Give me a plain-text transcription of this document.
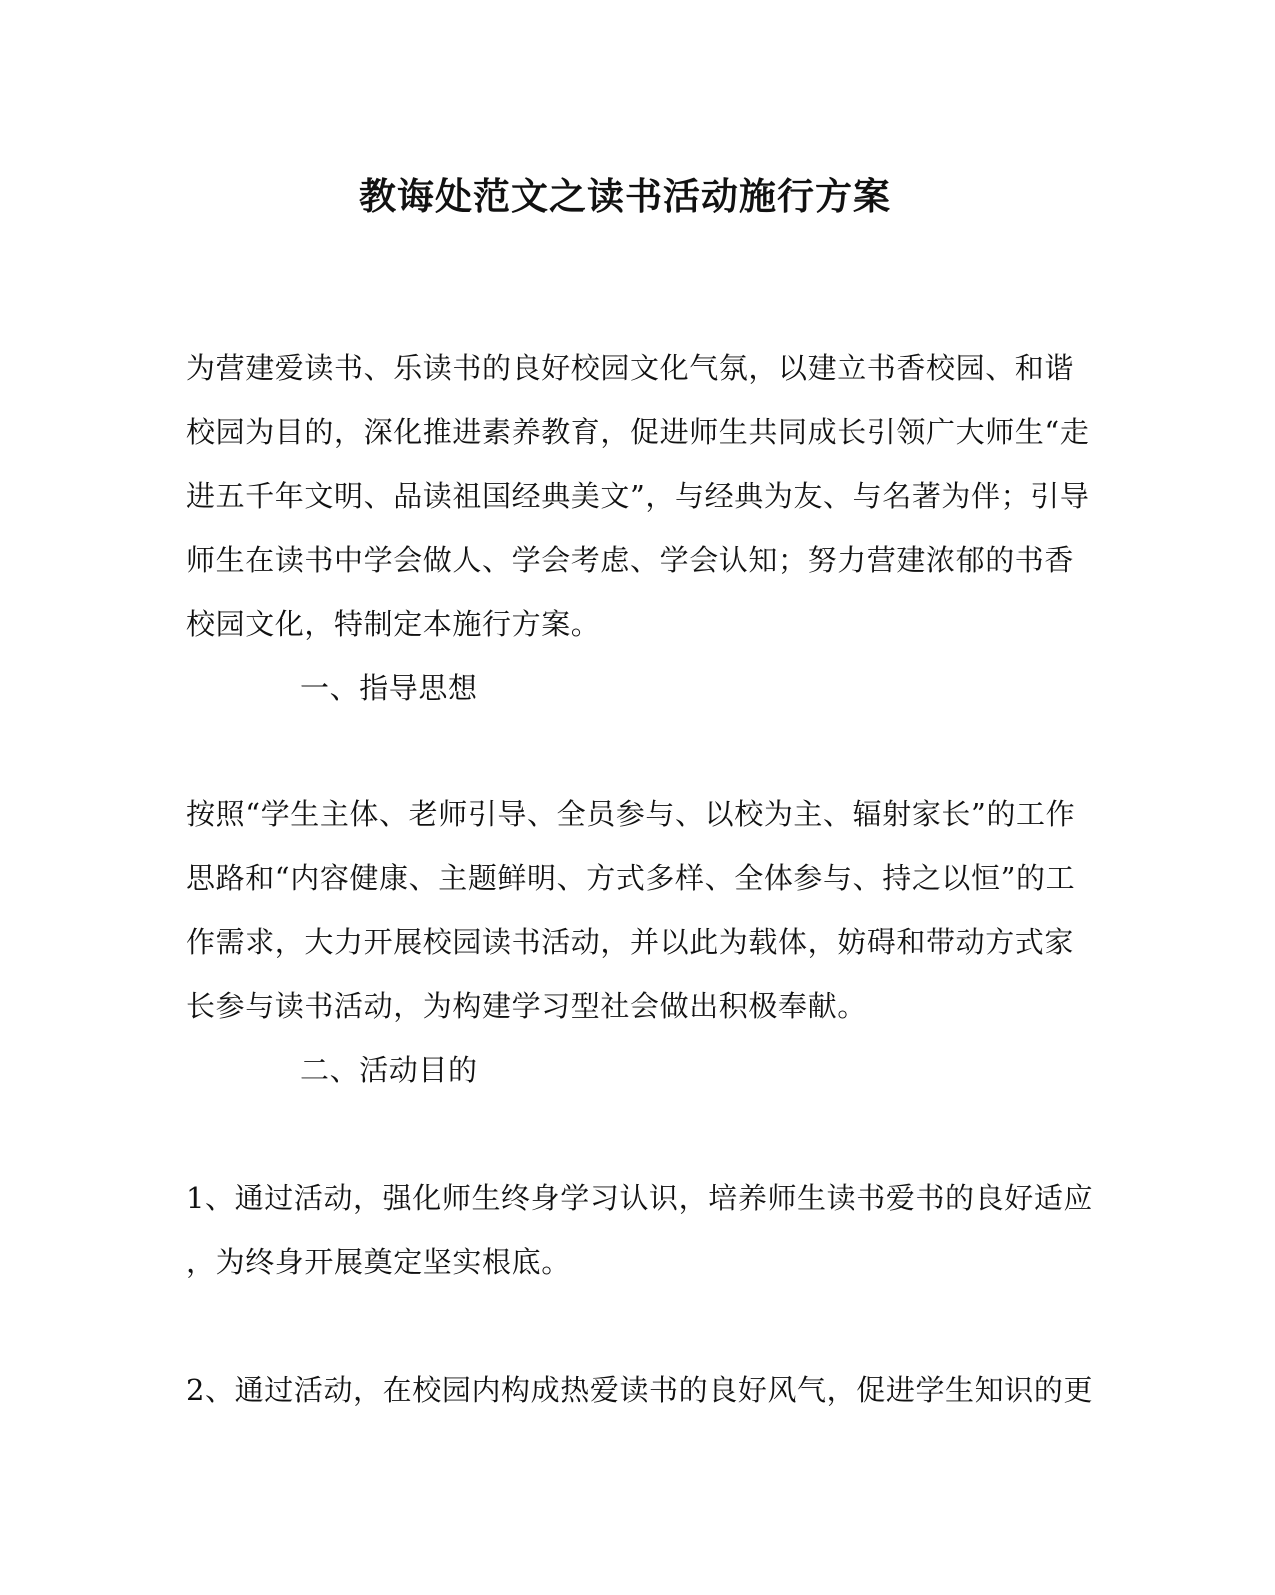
教诲处范文之读书活动施行方案

为营建爱读书、乐读书的良好校园文化气氛，以建立书香校园、和谐
校园为目的，深化推进素养教育，促进师生共同成长引领广大师生“走
进五千年文明、品读祖国经典美文”，与经典为友、与名著为伴；引导
师生在读书中学会做人、学会考虑、学会认知；努力营建浓郁的书香
校园文化，特制定本施行方案。

一、指导思想

按照“学生主体、老师引导、全员参与、以校为主、辐射家长”的工作
思路和“内容健康、主题鲜明、方式多样、全体参与、持之以恒”的工
作需求，大力开展校园读书活动，并以此为载体，妨碍和带动方式家
长参与读书活动，为构建学习型社会做出积极奉献。

二、活动目的

1、通过活动，强化师生终身学习认识，培养师生读书爱书的良好适应
，为终身开展奠定坚实根底。

2、通过活动，在校园内构成热爱读书的良好风气，促进学生知识的更
